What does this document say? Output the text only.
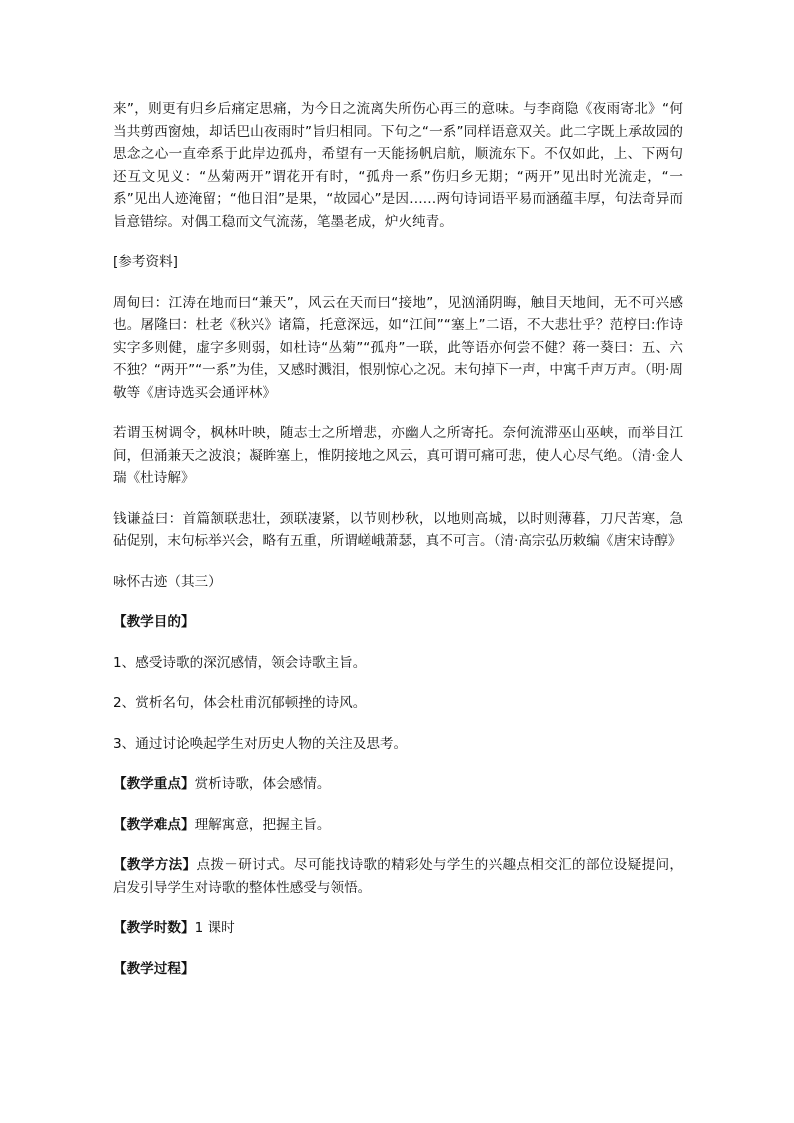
来”，则更有归乡后痛定思痛，为今日之流离失所伤心再三的意味。与李商隐《夜雨寄北》“何当共剪西窗烛，却话巴山夜雨时”旨归相同。下句之“一系”同样语意双关。此二字既上承故园的思念之心一直牵系于此岸边孤舟，希望有一天能扬帆启航，顺流东下。不仅如此，上、下两句还互文见义：“丛菊两开”谓花开有时，“孤舟一系”伤归乡无期；“两开”见出时光流走，“一系”见出人迹淹留；“他日泪”是果，“故园心”是因……两句诗词语平易而涵蕴丰厚，句法奇异而旨意错综。对偶工稳而文气流荡，笔墨老成，炉火纯青。

[参考资料]

周甸曰：江涛在地而曰“兼天”，风云在天而曰“接地”，见汹涌阴晦，触目天地间，无不可兴感也。屠隆曰：杜老《秋兴》诸篇，托意深远，如“江间”“塞上”二语，不大悲壮乎？范梈曰:作诗实字多则健，虚字多则弱，如杜诗“丛菊”“孤舟”一联，此等语亦何尝不健？蒋一葵曰：五、六不独？“两开”“一系”为佳，又感时溅泪，恨别惊心之况。末句掉下一声，中寓千声万声。（明·周敬等《唐诗选买会通评林》

若谓玉树调令，枫林叶映，随志士之所增悲，亦幽人之所寄托。奈何流滞巫山巫峡，而举目江间，但涌兼天之波浪；凝眸塞上，惟阴接地之风云，真可谓可痛可悲，使人心尽气绝。（清·金人瑞《杜诗解》

钱谦益曰：首篇颔联悲壮，颈联凄紧，以节则杪秋，以地则高城，以时则薄暮，刀尺苦寒，急砧促别，末句标举兴会，略有五重，所谓嵯峨萧瑟，真不可言。（清·高宗弘历敕编《唐宋诗醇》

咏怀古迹（其三）

【教学目的】

1、感受诗歌的深沉感情，领会诗歌主旨。

2、赏析名句，体会杜甫沉郁顿挫的诗风。

3、通过讨论唤起学生对历史人物的关注及思考。

【教学重点】赏析诗歌，体会感情。

【教学难点】理解寓意，把握主旨。

【教学方法】点拨－研讨式。尽可能找诗歌的精彩处与学生的兴趣点相交汇的部位设疑提问，启发引导学生对诗歌的整体性感受与领悟。

【教学时数】1 课时

【教学过程】
